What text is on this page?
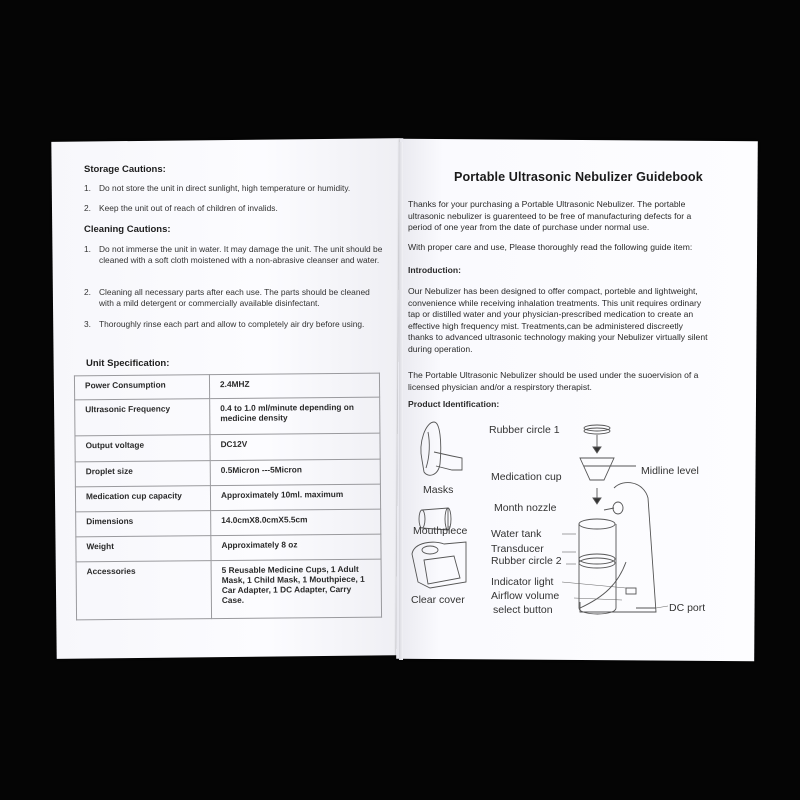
Storage Cautions:
1. Do not store the unit in direct sunlight, high temperature or humidity.
2. Keep the unit out of reach of children of invalids.
Cleaning Cautions:
1. Do not immerse the unit in water. It may damage the unit. The unit should be cleaned with a soft cloth moistened with a non-abrasive cleanser and water.
2. Cleaning all necessary parts after each use. The parts should be cleaned with a mild detergent or commercially available disinfectant.
3. Thoroughly rinse each part and allow to completely air dry before using.
Unit Specification:
Power Consumption	2.4MHZ
Ultrasonic Frequency	0.4 to 1.0 ml/minute depending on medicine density
Output voltage	DC12V
Droplet size	0.5Micron ---5Micron
Medication cup capacity	Approximately 10ml. maximum
Dimensions	14.0cmX8.0cmX5.5cm
Weight	Approximately 8 oz
Accessories	5 Reusable Medicine Cups, 1 Adult Mask, 1 Child Mask, 1 Mouthpiece, 1 Car Adapter, 1 DC Adapter, Carry Case.
Portable Ultrasonic Nebulizer Guidebook
Thanks for your purchasing a Portable Ultrasonic Nebulizer. The portable ultrasonic nebulizer is guarenteed to be free of manufacturing defects for a period of one year from the date of purchase under normal use.
With proper care and use, Please thoroughly read the following guide item:
Introduction:
Our Nebulizer has been designed to offer compact, porteble and lightweight, convenience while receiving inhalation treatments. This unit requires ordinary tap or distilled water and your physician-prescribed medication to create an effective high frequency mist. Treatments,can be administered discreetly thanks to advanced ultrasonic technology making your Nebulizer virtually silent during operation.
The Portable Ultrasonic Nebulizer should be used under the suoervision of a licensed physician and/or a respirstory therapist.
Product Identification:
Rubber circle 1
Medication cup	Midline level
Masks
Month nozzle
Mouthpiece Water tank
Transducer
Rubber circle 2
Indicator light
Airflow volume
Clear cover
select button	DC port
